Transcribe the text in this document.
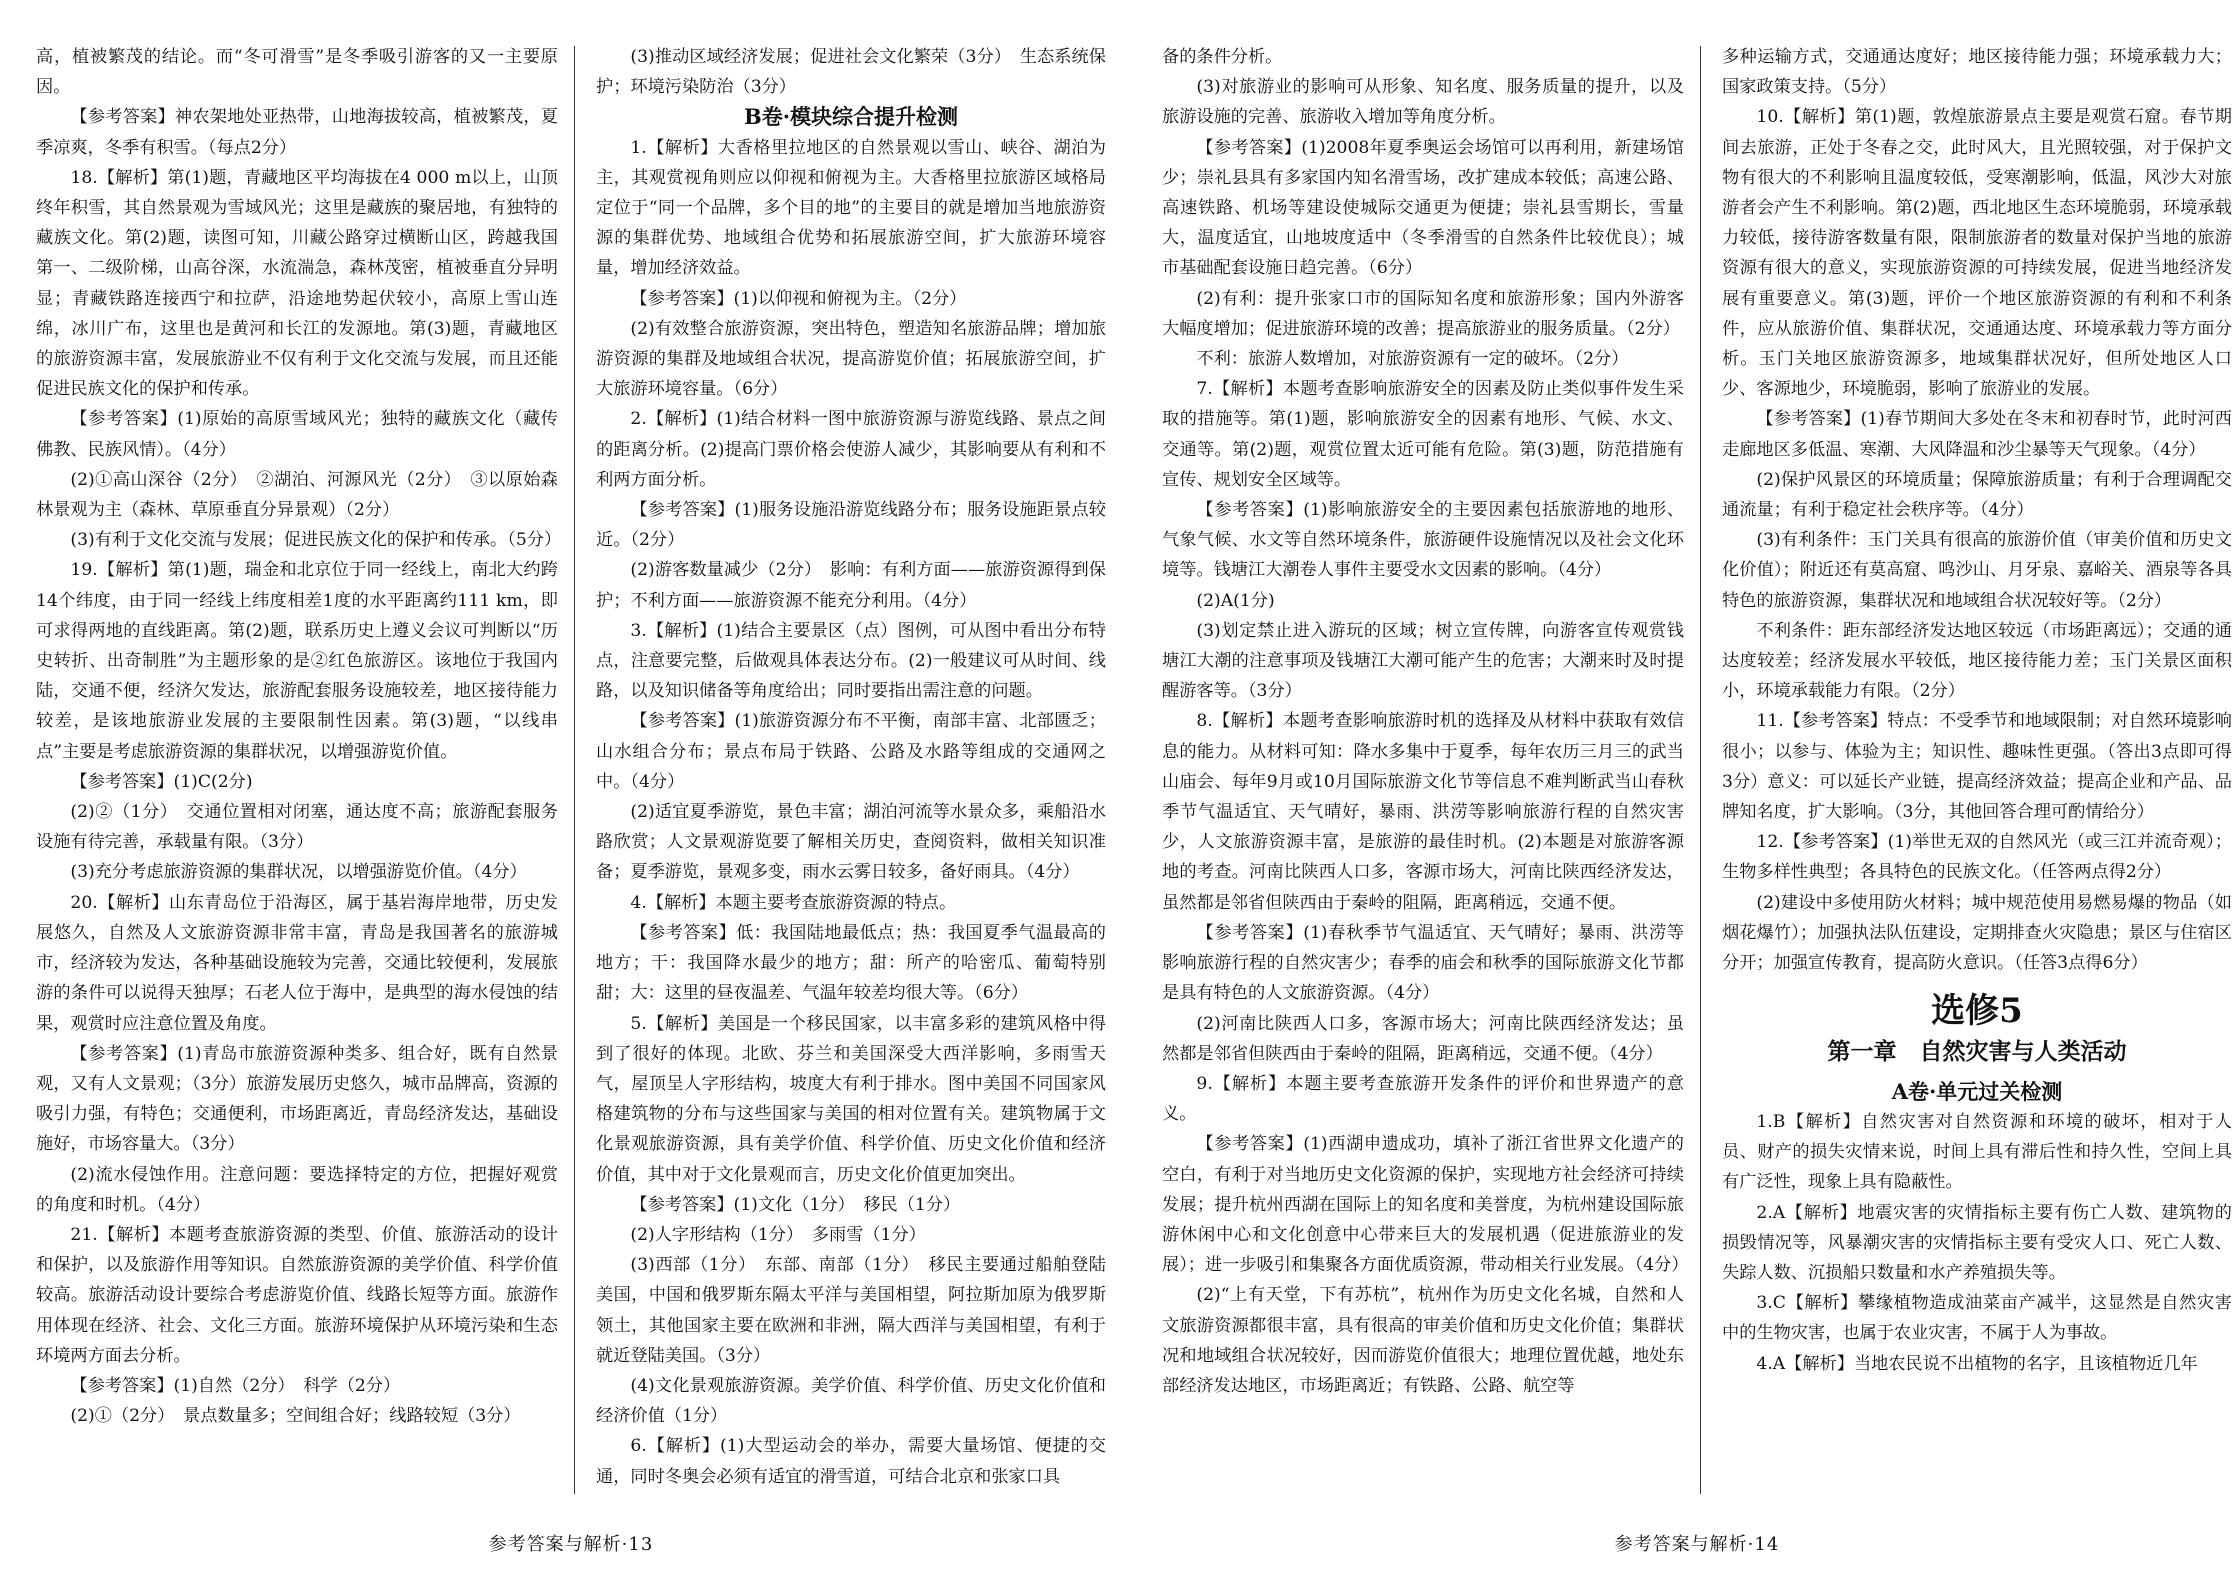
高，植被繁茂的结论。而“冬可滑雪”是冬季吸引游客的又一主要原因。

【参考答案】神农架地处亚热带，山地海拔较高，植被繁茂，夏季凉爽，冬季有积雪。（每点2分）

18.【解析】第(1)题，青藏地区平均海拔在4 000 m以上，山顶终年积雪，其自然景观为雪域风光；这里是藏族的聚居地，有独特的藏族文化。第(2)题，读图可知，川藏公路穿过横断山区，跨越我国第一、二级阶梯，山高谷深，水流湍急，森林茂密，植被垂直分异明显；青藏铁路连接西宁和拉萨，沿途地势起伏较小，高原上雪山连绵，冰川广布，这里也是黄河和长江的发源地。第(3)题，青藏地区的旅游资源丰富，发展旅游业不仅有利于文化交流与发展，而且还能促进民族文化的保护和传承。

【参考答案】(1)原始的高原雪域风光；独特的藏族文化（藏传佛教、民族风情）。（4分）

(2)①高山深谷（2分）　②湖泊、河源风光（2分）　③以原始森林景观为主（森林、草原垂直分异景观）（2分）

(3)有利于文化交流与发展；促进民族文化的保护和传承。（5分）

19.【解析】第(1)题，瑞金和北京位于同一经线上，南北大约跨14个纬度，由于同一经线上纬度相差1度的水平距离约111 km，即可求得两地的直线距离。第(2)题，联系历史上遵义会议可判断以“历史转折、出奇制胜”为主题形象的是②红色旅游区。该地位于我国内陆，交通不便，经济欠发达，旅游配套服务设施较差，地区接待能力较差，是该地旅游业发展的主要限制性因素。第(3)题，“以线串点”主要是考虑旅游资源的集群状况，以增强游览价值。

【参考答案】(1)C(2分)

(2)②（1分）　交通位置相对闭塞，通达度不高；旅游配套服务设施有待完善，承载量有限。（3分）

(3)充分考虑旅游资源的集群状况，以增强游览价值。（4分）

20.【解析】山东青岛位于沿海区，属于基岩海岸地带，历史发展悠久，自然及人文旅游资源非常丰富，青岛是我国著名的旅游城市，经济较为发达，各种基础设施较为完善，交通比较便利，发展旅游的条件可以说得天独厚；石老人位于海中，是典型的海水侵蚀的结果，观赏时应注意位置及角度。

【参考答案】(1)青岛市旅游资源种类多、组合好，既有自然景观，又有人文景观；（3分）旅游发展历史悠久，城市品牌高，资源的吸引力强，有特色；交通便利，市场距离近，青岛经济发达，基础设施好，市场容量大。（3分）

(2)流水侵蚀作用。注意问题：要选择特定的方位，把握好观赏的角度和时机。（4分）

21.【解析】本题考查旅游资源的类型、价值、旅游活动的设计和保护，以及旅游作用等知识。自然旅游资源的美学价值、科学价值较高。旅游活动设计要综合考虑游览价值、线路长短等方面。旅游作用体现在经济、社会、文化三方面。旅游环境保护从环境污染和生态环境两方面去分析。

【参考答案】(1)自然（2分）　科学（2分）

(2)①（2分）　景点数量多；空间组合好；线路较短（3分）

(3)推动区域经济发展；促进社会文化繁荣（3分）　生态系统保护；环境污染防治（3分）

B卷·模块综合提升检测

1.【解析】大香格里拉地区的自然景观以雪山、峡谷、湖泊为主，其观赏视角则应以仰视和俯视为主。大香格里拉旅游区域格局定位于“同一个品牌，多个目的地”的主要目的就是增加当地旅游资源的集群优势、地域组合优势和拓展旅游空间，扩大旅游环境容量，增加经济效益。

【参考答案】(1)以仰视和俯视为主。（2分）

(2)有效整合旅游资源，突出特色，塑造知名旅游品牌；增加旅游资源的集群及地域组合状况，提高游览价值；拓展旅游空间，扩大旅游环境容量。（6分）

2.【解析】(1)结合材料一图中旅游资源与游览线路、景点之间的距离分析。(2)提高门票价格会使游人减少，其影响要从有利和不利两方面分析。

【参考答案】(1)服务设施沿游览线路分布；服务设施距景点较近。（2分）

(2)游客数量减少（2分）　影响：有利方面——旅游资源得到保护；不利方面——旅游资源不能充分利用。（4分）

3.【解析】(1)结合主要景区（点）图例，可从图中看出分布特点，注意要完整，后做观具体表达分布。(2)一般建议可从时间、线路，以及知识储备等角度给出；同时要指出需注意的问题。

【参考答案】(1)旅游资源分布不平衡，南部丰富、北部匮乏；山水组合分布；景点布局于铁路、公路及水路等组成的交通网之中。（4分）

(2)适宜夏季游览，景色丰富；湖泊河流等水景众多，乘船沿水路欣赏；人文景观游览要了解相关历史，查阅资料，做相关知识准备；夏季游览，景观多变，雨水云雾日较多，备好雨具。（4分）

4.【解析】本题主要考查旅游资源的特点。

【参考答案】低：我国陆地最低点；热：我国夏季气温最高的地方；干：我国降水最少的地方；甜：所产的哈密瓜、葡萄特别甜；大：这里的昼夜温差、气温年较差均很大等。（6分）

5.【解析】美国是一个移民国家，以丰富多彩的建筑风格中得到了很好的体现。北欧、芬兰和美国深受大西洋影响，多雨雪天气，屋顶呈人字形结构，坡度大有利于排水。图中美国不同国家风格建筑物的分布与这些国家与美国的相对位置有关。建筑物属于文化景观旅游资源，具有美学价值、科学价值、历史文化价值和经济价值，其中对于文化景观而言，历史文化价值更加突出。

【参考答案】(1)文化（1分）　移民（1分）

(2)人字形结构（1分）　多雨雪（1分）

(3)西部（1分）　东部、南部（1分）　移民主要通过船舶登陆美国，中国和俄罗斯东隔太平洋与美国相望，阿拉斯加原为俄罗斯领土，其他国家主要在欧洲和非洲，隔大西洋与美国相望，有利于就近登陆美国。（3分）

(4)文化景观旅游资源。美学价值、科学价值、历史文化价值和经济价值（1分）

6.【解析】(1)大型运动会的举办，需要大量场馆、便捷的交通，同时冬奥会必须有适宜的滑雪道，可结合北京和张家口具

参考答案与解析·13

备的条件分析。

(3)对旅游业的影响可从形象、知名度、服务质量的提升，以及旅游设施的完善、旅游收入增加等角度分析。

【参考答案】(1)2008年夏季奥运会场馆可以再利用，新建场馆少；崇礼县具有多家国内知名滑雪场，改扩建成本较低；高速公路、高速铁路、机场等建设使城际交通更为便捷；崇礼县雪期长，雪量大，温度适宜，山地坡度适中（冬季滑雪的自然条件比较优良）；城市基础配套设施日趋完善。（6分）

(2)有利：提升张家口市的国际知名度和旅游形象；国内外游客大幅度增加；促进旅游环境的改善；提高旅游业的服务质量。（2分）

不利：旅游人数增加，对旅游资源有一定的破坏。（2分）

7.【解析】本题考查影响旅游安全的因素及防止类似事件发生采取的措施等。第(1)题，影响旅游安全的因素有地形、气候、水文、交通等。第(2)题，观赏位置太近可能有危险。第(3)题，防范措施有宣传、规划安全区域等。

【参考答案】(1)影响旅游安全的主要因素包括旅游地的地形、气象气候、水文等自然环境条件，旅游硬件设施情况以及社会文化环境等。钱塘江大潮卷人事件主要受水文因素的影响。（4分）

(2)A(1分)

(3)划定禁止进入游玩的区域；树立宣传牌，向游客宣传观赏钱塘江大潮的注意事项及钱塘江大潮可能产生的危害；大潮来时及时提醒游客等。（3分）

8.【解析】本题考查影响旅游时机的选择及从材料中获取有效信息的能力。从材料可知：降水多集中于夏季，每年农历三月三的武当山庙会、每年9月或10月国际旅游文化节等信息不难判断武当山春秋季节气温适宜、天气晴好，暴雨、洪涝等影响旅游行程的自然灾害少，人文旅游资源丰富，是旅游的最佳时机。(2)本题是对旅游客源地的考查。河南比陕西人口多，客源市场大，河南比陕西经济发达，虽然都是邻省但陕西由于秦岭的阻隔，距离稍远，交通不便。

【参考答案】(1)春秋季节气温适宜、天气晴好；暴雨、洪涝等影响旅游行程的自然灾害少；春季的庙会和秋季的国际旅游文化节都是具有特色的人文旅游资源。（4分）

(2)河南比陕西人口多，客源市场大；河南比陕西经济发达；虽然都是邻省但陕西由于秦岭的阻隔，距离稍远，交通不便。（4分）

9.【解析】本题主要考查旅游开发条件的评价和世界遗产的意义。

【参考答案】(1)西湖申遗成功，填补了浙江省世界文化遗产的空白，有利于对当地历史文化资源的保护，实现地方社会经济可持续发展；提升杭州西湖在国际上的知名度和美誉度，为杭州建设国际旅游休闲中心和文化创意中心带来巨大的发展机遇（促进旅游业的发展）；进一步吸引和集聚各方面优质资源，带动相关行业发展。（4分）

(2)“上有天堂，下有苏杭”，杭州作为历史文化名城，自然和人文旅游资源都很丰富，具有很高的审美价值和历史文化价值；集群状况和地域组合状况较好，因而游览价值很大；地理位置优越，地处东部经济发达地区，市场距离近；有铁路、公路、航空等

多种运输方式，交通通达度好；地区接待能力强；环境承载力大；国家政策支持。（5分）

10.【解析】第(1)题，敦煌旅游景点主要是观赏石窟。春节期间去旅游，正处于冬春之交，此时风大，且光照较强，对于保护文物有很大的不利影响且温度较低，受寒潮影响，低温，风沙大对旅游者会产生不利影响。第(2)题，西北地区生态环境脆弱，环境承载力较低，接待游客数量有限，限制旅游者的数量对保护当地的旅游资源有很大的意义，实现旅游资源的可持续发展，促进当地经济发展有重要意义。第(3)题，评价一个地区旅游资源的有利和不利条件，应从旅游价值、集群状况，交通通达度、环境承载力等方面分析。玉门关地区旅游资源多，地域集群状况好，但所处地区人口少、客源地少，环境脆弱，影响了旅游业的发展。

【参考答案】(1)春节期间大多处在冬末和初春时节，此时河西走廊地区多低温、寒潮、大风降温和沙尘暴等天气现象。（4分）

(2)保护风景区的环境质量；保障旅游质量；有利于合理调配交通流量；有利于稳定社会秩序等。（4分）

(3)有利条件：玉门关具有很高的旅游价值（审美价值和历史文化价值）；附近还有莫高窟、鸣沙山、月牙泉、嘉峪关、酒泉等各具特色的旅游资源，集群状况和地域组合状况较好等。（2分）

不利条件：距东部经济发达地区较远（市场距离远）；交通的通达度较差；经济发展水平较低，地区接待能力差；玉门关景区面积小，环境承载能力有限。（2分）

11.【参考答案】特点：不受季节和地域限制；对自然环境影响很小；以参与、体验为主；知识性、趣味性更强。（答出3点即可得3分）意义：可以延长产业链，提高经济效益；提高企业和产品、品牌知名度，扩大影响。（3分，其他回答合理可酌情给分）

12.【参考答案】(1)举世无双的自然风光（或三江并流奇观）；生物多样性典型；各具特色的民族文化。（任答两点得2分）

(2)建设中多使用防火材料；城中规范使用易燃易爆的物品（如烟花爆竹）；加强执法队伍建设，定期排查火灾隐患；景区与住宿区分开；加强宣传教育，提高防火意识。（任答3点得6分）

选修5
第一章　自然灾害与人类活动

A卷·单元过关检测

1.B【解析】自然灾害对自然资源和环境的破坏，相对于人员、财产的损失灾情来说，时间上具有滞后性和持久性，空间上具有广泛性，现象上具有隐蔽性。

2.A【解析】地震灾害的灾情指标主要有伤亡人数、建筑物的损毁情况等，风暴潮灾害的灾情指标主要有受灾人口、死亡人数、失踪人数、沉损船只数量和水产养殖损失等。

3.C【解析】攀缘植物造成油菜亩产减半，这显然是自然灾害中的生物灾害，也属于农业灾害，不属于人为事故。

4.A【解析】当地农民说不出植物的名字，且该植物近几年

参考答案与解析·14
